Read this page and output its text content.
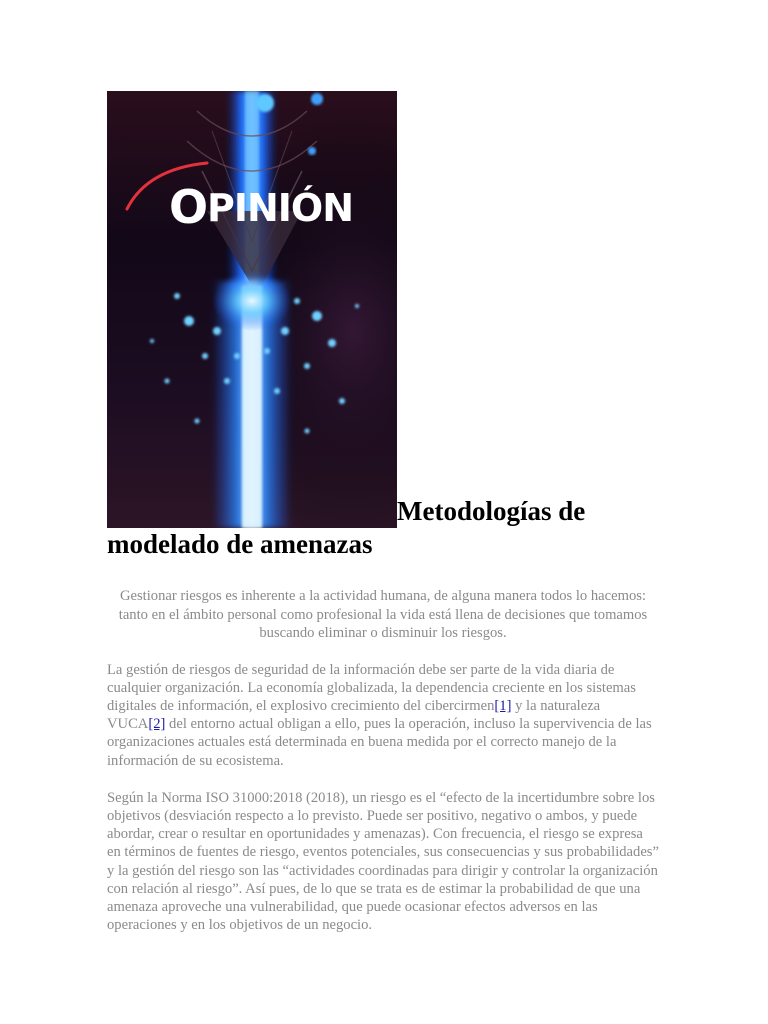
O
PINIÓN
Metodologías de modelado de amenazas

Gestionar riesgos es inherente a la actividad humana, de alguna manera todos lo hacemos: tanto en el ámbito personal como profesional la vida está llena de decisiones que tomamos buscando eliminar o disminuir los riesgos.

La gestión de riesgos de seguridad de la información debe ser parte de la vida diaria de cualquier organización. La economía globalizada, la dependencia creciente en los sistemas digitales de información, el explosivo crecimiento del cibercirmen[1] y la naturaleza VUCA[2] del entorno actual obligan a ello, pues la operación, incluso la supervivencia de las organizaciones actuales está determinada en buena medida por el correcto manejo de la información de su ecosistema.

Según la Norma ISO 31000:2018 (2018), un riesgo es el “efecto de la incertidumbre sobre los objetivos (desviación respecto a lo previsto. Puede ser positivo, negativo o ambos, y puede abordar, crear o resultar en oportunidades y amenazas). Con frecuencia, el riesgo se expresa en términos de fuentes de riesgo, eventos potenciales, sus consecuencias y sus probabilidades” y la gestión del riesgo son las “actividades coordinadas para dirigir y controlar la organización con relación al riesgo”. Así pues, de lo que se trata es de estimar la probabilidad de que una amenaza aproveche una vulnerabilidad, que puede ocasionar efectos adversos en las operaciones y en los objetivos de un negocio.
